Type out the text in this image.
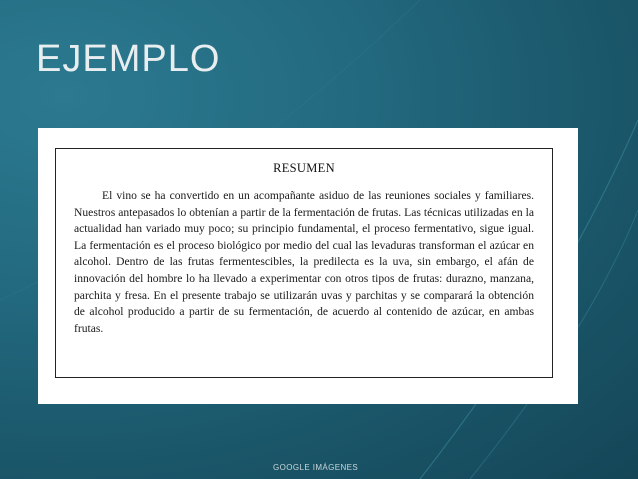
EJEMPLO
RESUMEN

El vino se ha convertido en un acompañante asiduo de las reuniones sociales y familiares. Nuestros antepasados lo obtenían a partir de la fermentación de frutas. Las técnicas utilizadas en la actualidad han variado muy poco; su principio fundamental, el proceso fermentativo, sigue igual. La fermentación es el proceso biológico por medio del cual las levaduras transforman el azúcar en alcohol. Dentro de las frutas fermentescibles, la predilecta es la uva, sin embargo, el afán de innovación del hombre lo ha llevado a experimentar con otros tipos de frutas: durazno, manzana, parchita y fresa. En el presente trabajo se utilizarán uvas y parchitas y se comparará la obtención de alcohol producido a partir de su fermentación, de acuerdo al contenido de azúcar, en ambas frutas.

GOOGLE IMÁGENES
